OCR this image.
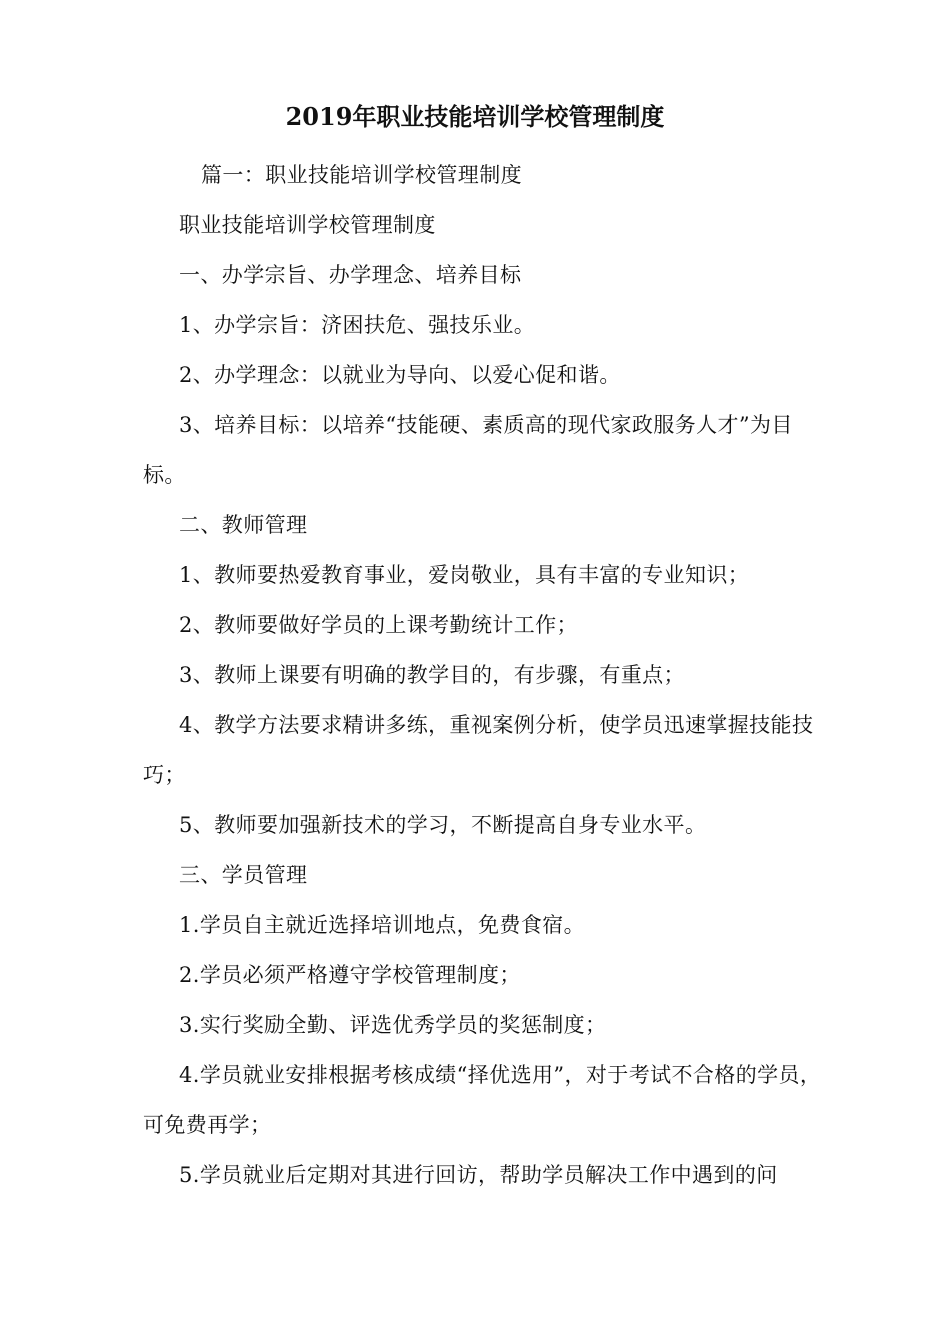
2019年职业技能培训学校管理制度

篇一：职业技能培训学校管理制度

职业技能培训学校管理制度

一、办学宗旨、办学理念、培养目标

1、办学宗旨：济困扶危、强技乐业。

2、办学理念：以就业为导向、以爱心促和谐。

3、培养目标：以培养“技能硬、素质高的现代家政服务人才”为目标。

二、教师管理

1、教师要热爱教育事业，爱岗敬业，具有丰富的专业知识；

2、教师要做好学员的上课考勤统计工作；

3、教师上课要有明确的教学目的，有步骤，有重点；

4、教学方法要求精讲多练，重视案例分析，使学员迅速掌握技能技巧；

5、教师要加强新技术的学习，不断提高自身专业水平。

三、学员管理

1.学员自主就近选择培训地点，免费食宿。

2.学员必须严格遵守学校管理制度；

3.实行奖励全勤、评选优秀学员的奖惩制度；

4.学员就业安排根据考核成绩“择优选用”，对于考试不合格的学员，可免费再学；

5.学员就业后定期对其进行回访，帮助学员解决工作中遇到的问
